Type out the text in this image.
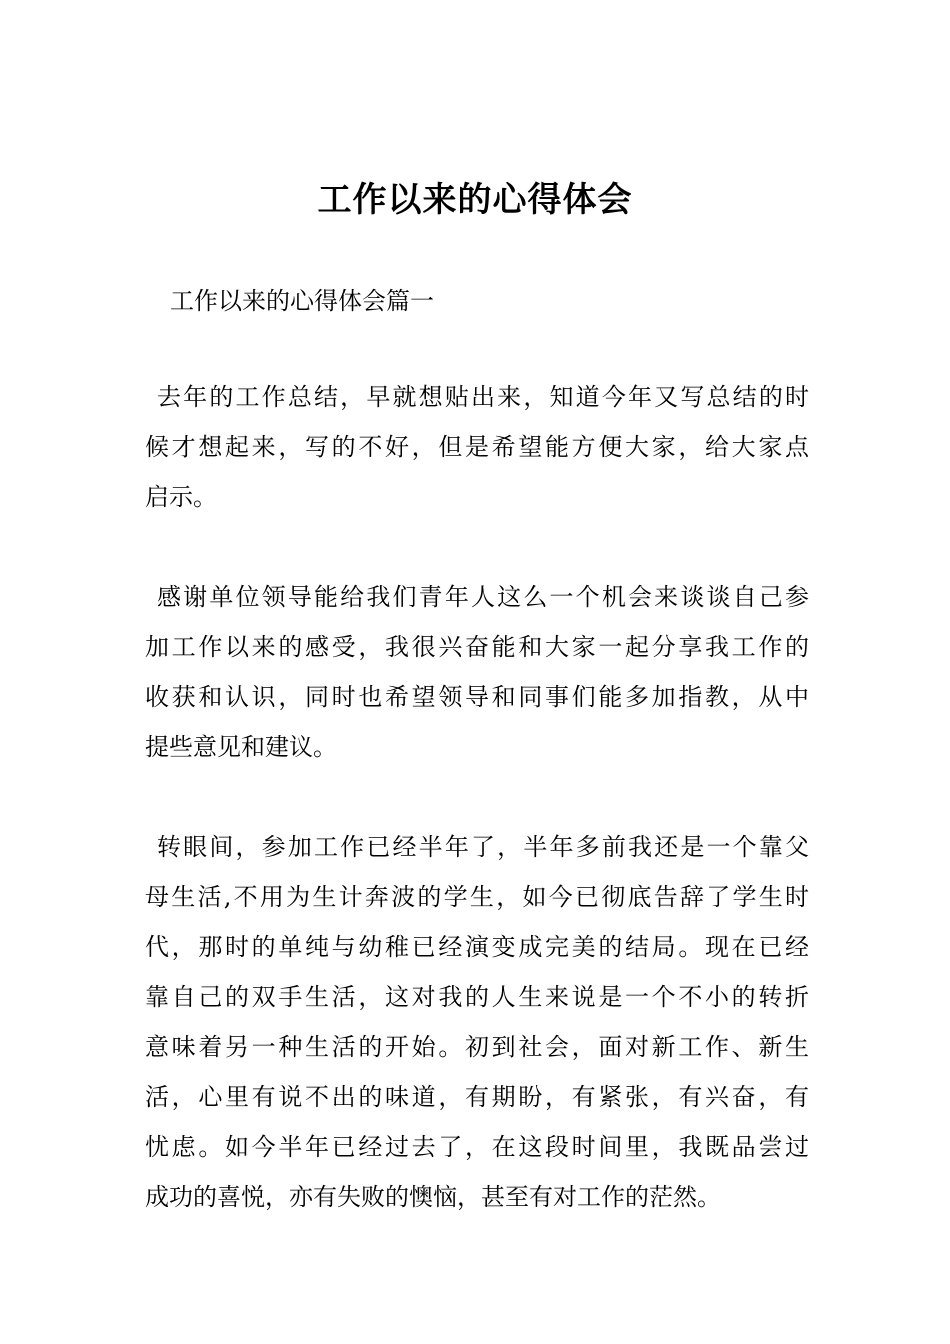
工作以来的心得体会
工作以来的心得体会篇一
去年的工作总结，早就想贴出来，知道今年又写总结的时
候才想起来，写的不好，但是希望能方便大家，给大家点
启示。
感谢单位领导能给我们青年人这么一个机会来谈谈自己参
加工作以来的感受，我很兴奋能和大家一起分享我工作的
收获和认识，同时也希望领导和同事们能多加指教，从中
提些意见和建议。
转眼间，参加工作已经半年了，半年多前我还是一个靠父
母生活,不用为生计奔波的学生，如今已彻底告辞了学生时
代，那时的单纯与幼稚已经演变成完美的结局。现在已经
靠自己的双手生活，这对我的人生来说是一个不小的转折
意味着另一种生活的开始。初到社会，面对新工作、新生
活，心里有说不出的味道，有期盼，有紧张，有兴奋，有
忧虑。如今半年已经过去了，在这段时间里，我既品尝过
成功的喜悦，亦有失败的懊恼，甚至有对工作的茫然。
